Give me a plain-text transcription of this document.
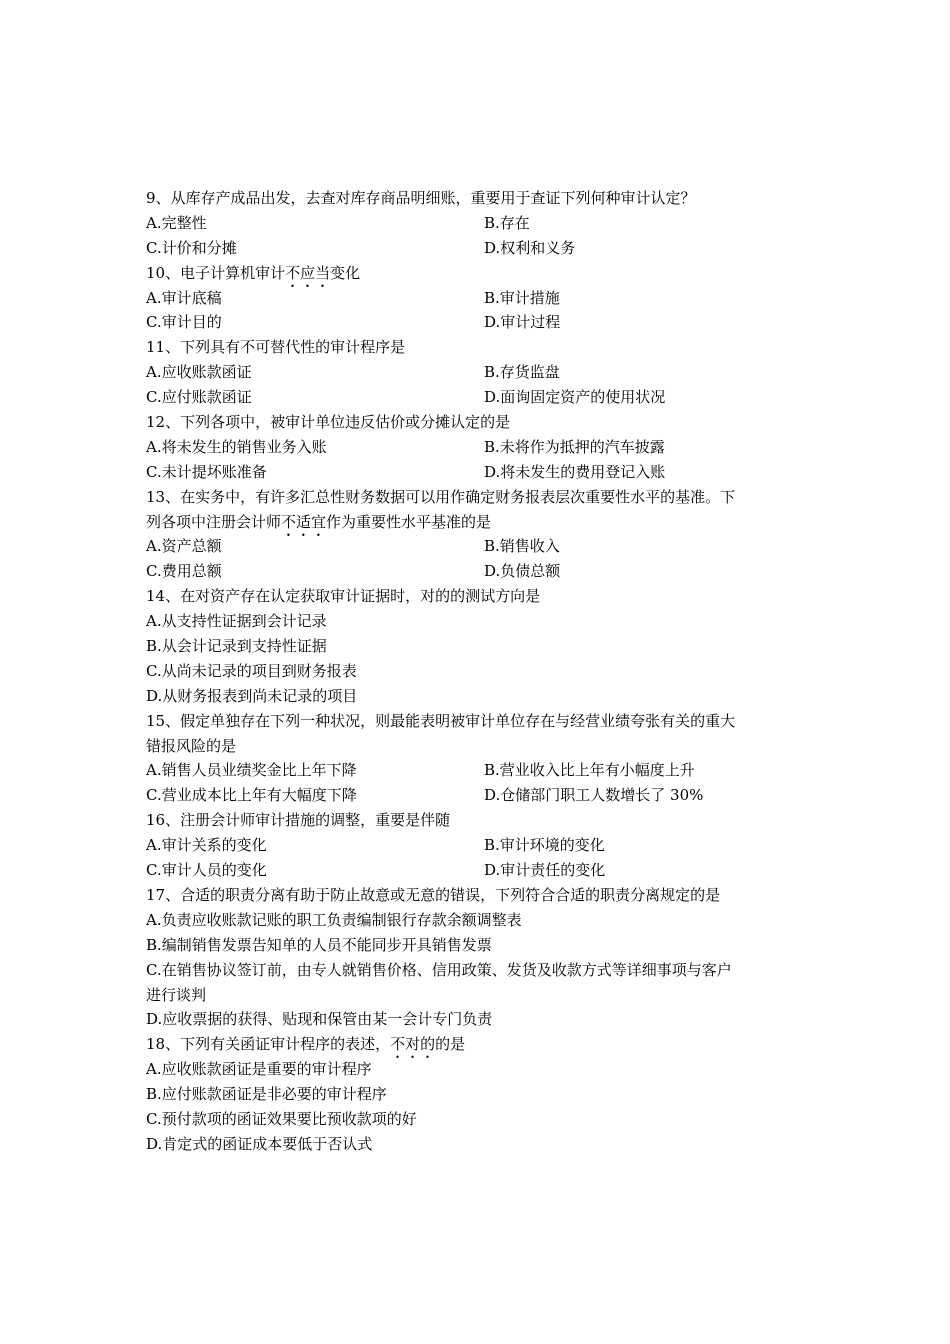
9、从库存产成品出发，去查对库存商品明细账，重要用于查证下列何种审计认定？
A.完整性	B.存在
C.计价和分摊	D.权利和义务
10、电子计算机审计不应当变化
A.审计底稿	B.审计措施
C.审计目的	D.审计过程
11、下列具有不可替代性的审计程序是
A.应收账款函证	B.存货监盘
C.应付账款函证	D.面询固定资产的使用状况
12、下列各项中，被审计单位违反估价或分摊认定的是
A.将未发生的销售业务入账	B.未将作为抵押的汽车披露
C.未计提坏账准备	D.将未发生的费用登记入账
13、在实务中，有许多汇总性财务数据可以用作确定财务报表层次重要性水平的基准。下
列各项中注册会计师不适宜作为重要性水平基准的是
A.资产总额	B.销售收入
C.费用总额	D.负债总额
14、在对资产存在认定获取审计证据时，对的的测试方向是
A.从支持性证据到会计记录
B.从会计记录到支持性证据
C.从尚未记录的项目到财务报表
D.从财务报表到尚未记录的项目
15、假定单独存在下列一种状况，则最能表明被审计单位存在与经营业绩夸张有关的重大
错报风险的是
A.销售人员业绩奖金比上年下降	B.营业收入比上年有小幅度上升
C.营业成本比上年有大幅度下降	D.仓储部门职工人数增长了 30%
16、注册会计师审计措施的调整，重要是伴随
A.审计关系的变化	B.审计环境的变化
C.审计人员的变化	D.审计责任的变化
17、合适的职责分离有助于防止故意或无意的错误，下列符合合适的职责分离规定的是
A.负责应收账款记账的职工负责编制银行存款余额调整表
B.编制销售发票告知单的人员不能同步开具销售发票
C.在销售协议签订前，由专人就销售价格、信用政策、发货及收款方式等详细事项与客户
进行谈判
D.应收票据的获得、贴现和保管由某一会计专门负责
18、下列有关函证审计程序的表述，不对的的是
A.应收账款函证是重要的审计程序
B.应付账款函证是非必要的审计程序
C.预付款项的函证效果要比预收款项的好
D.肯定式的函证成本要低于否认式
